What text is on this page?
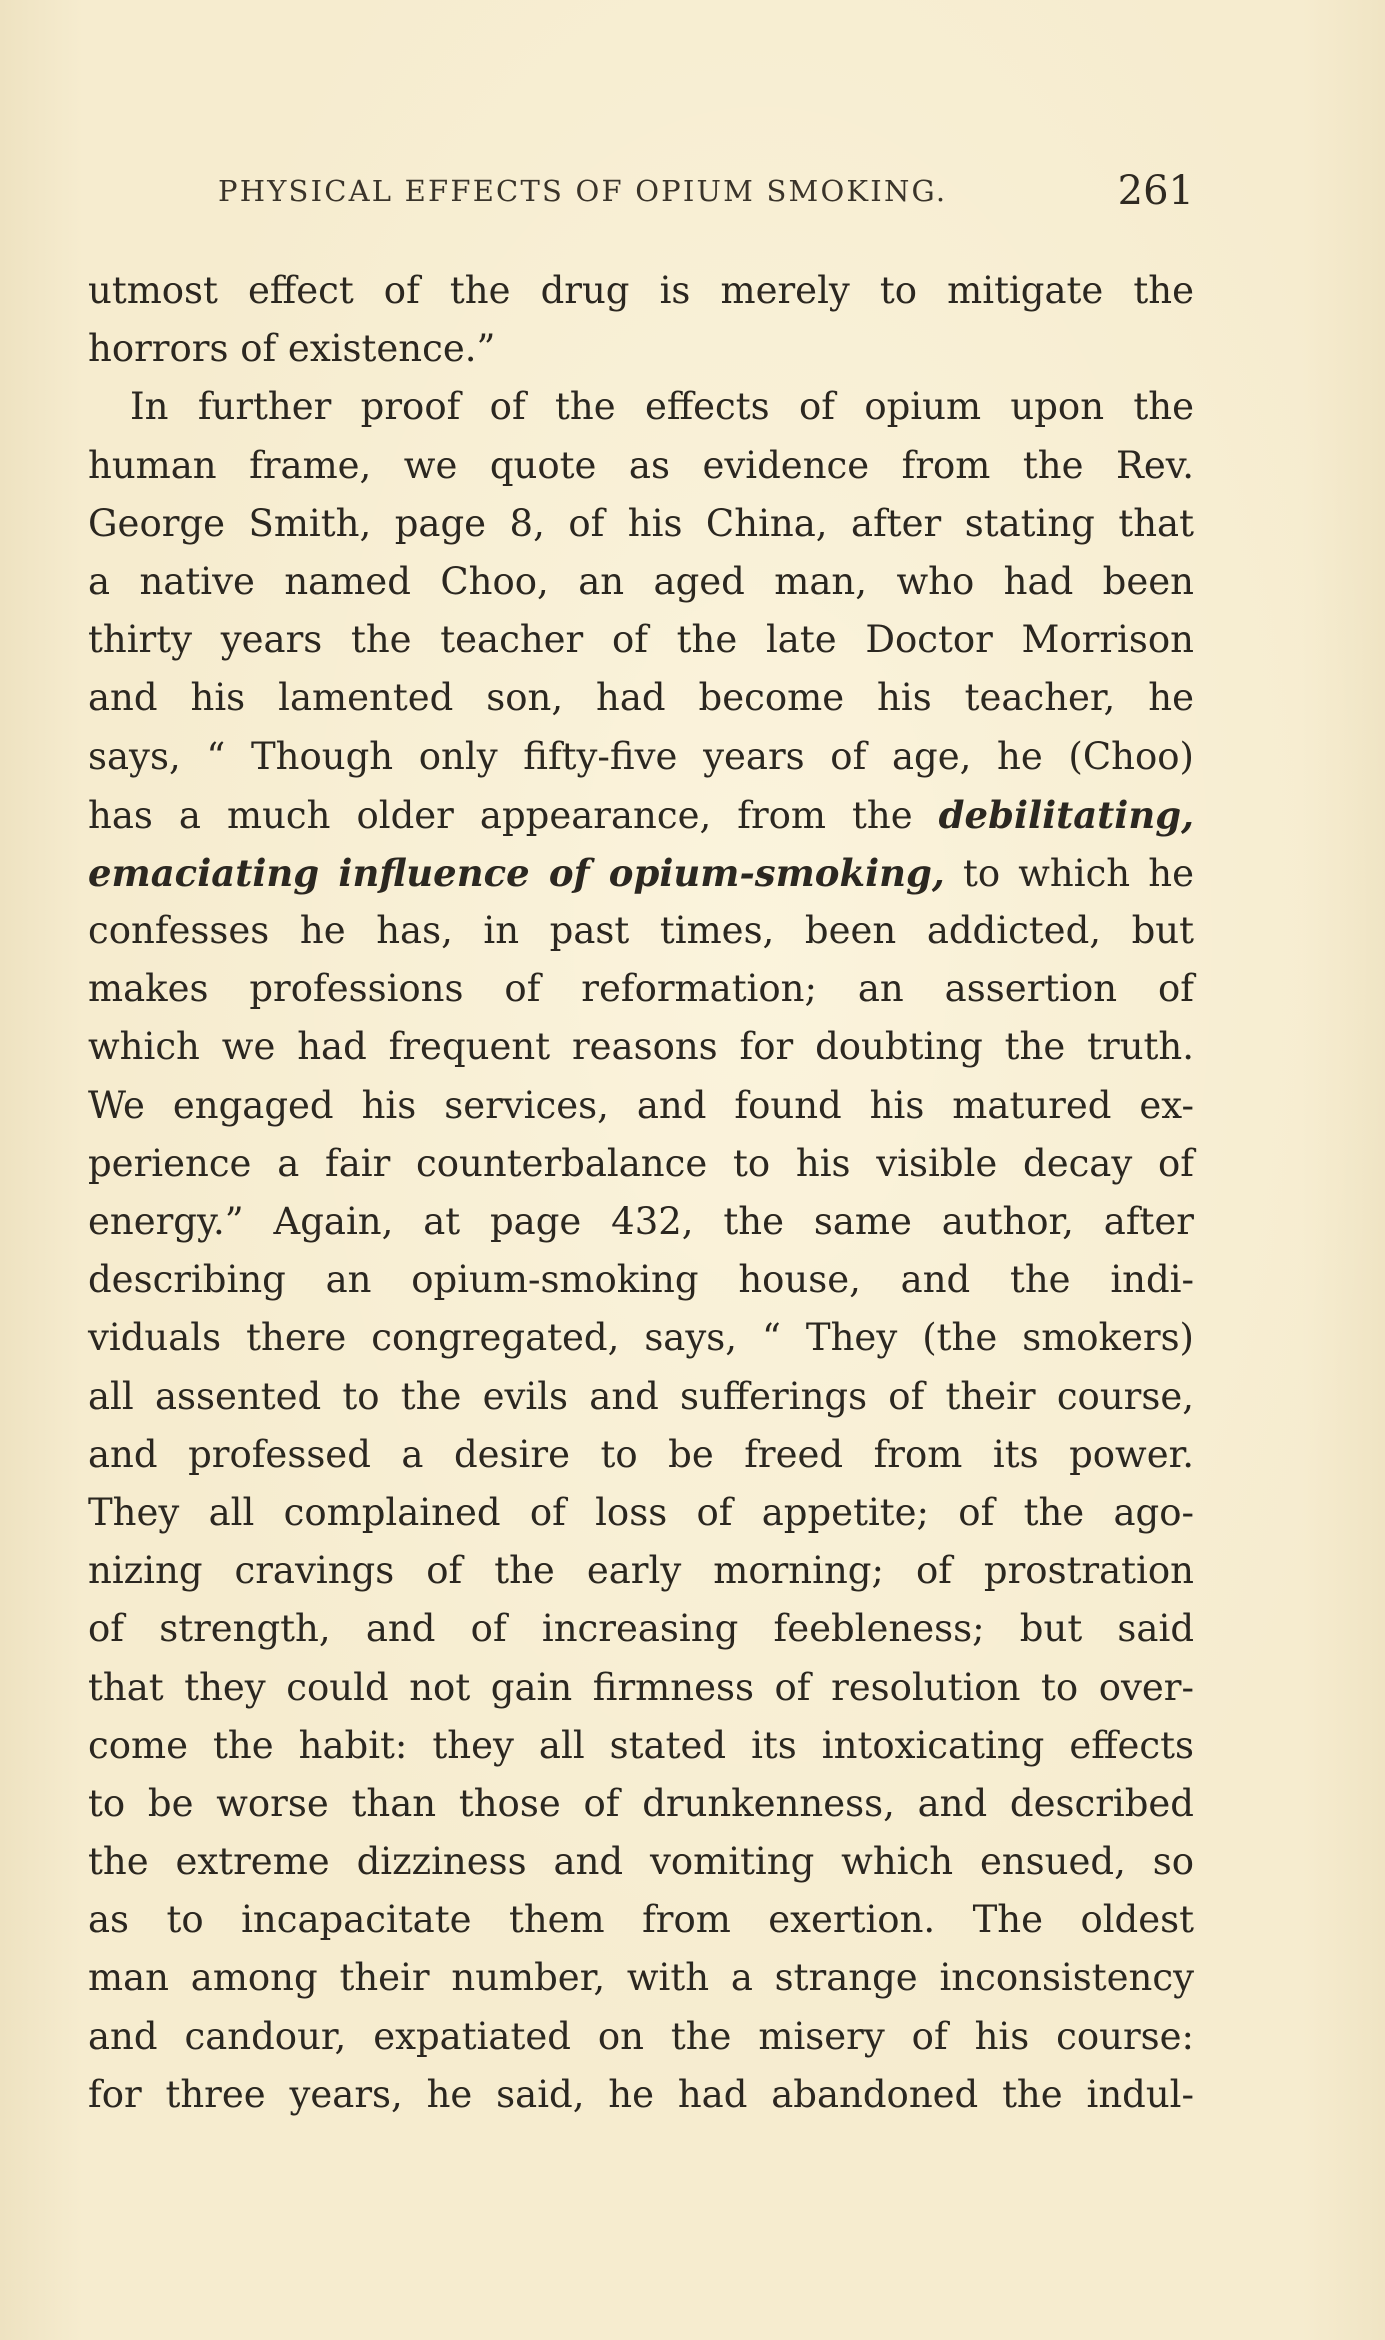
PHYSICAL EFFECTS OF OPIUM SMOKING.	261
utmost effect of the drug is merely to mitigate the
horrors of existence.”
In further proof of the effects of opium upon the
human frame, we quote as evidence from the Rev.
George Smith, page 8, of his China, after stating that
a native named Choo, an aged man, who had been
thirty years the teacher of the late Doctor Morrison
and his lamented son, had become his teacher, he
says, “ Though only fifty-five years of age, he (Choo)
has a much older appearance, from the debilitating,
emaciating influence of opium-smoking, to which he
confesses he has, in past times, been addicted, but
makes professions of reformation; an assertion of
which we had frequent reasons for doubting the truth.
We engaged his services, and found his matured ex-
perience a fair counterbalance to his visible decay of
energy.” Again, at page 432, the same author, after
describing an opium-smoking house, and the indi-
viduals there congregated, says, “ They (the smokers)
all assented to the evils and sufferings of their course,
and professed a desire to be freed from its power.
They all complained of loss of appetite; of the ago-
nizing cravings of the early morning; of prostration
of strength, and of increasing feebleness; but said
that they could not gain firmness of resolution to over-
come the habit: they all stated its intoxicating effects
to be worse than those of drunkenness, and described
the extreme dizziness and vomiting which ensued, so
as to incapacitate them from exertion. The oldest
man among their number, with a strange inconsistency
and candour, expatiated on the misery of his course:
for three years, he said, he had abandoned the indul-
